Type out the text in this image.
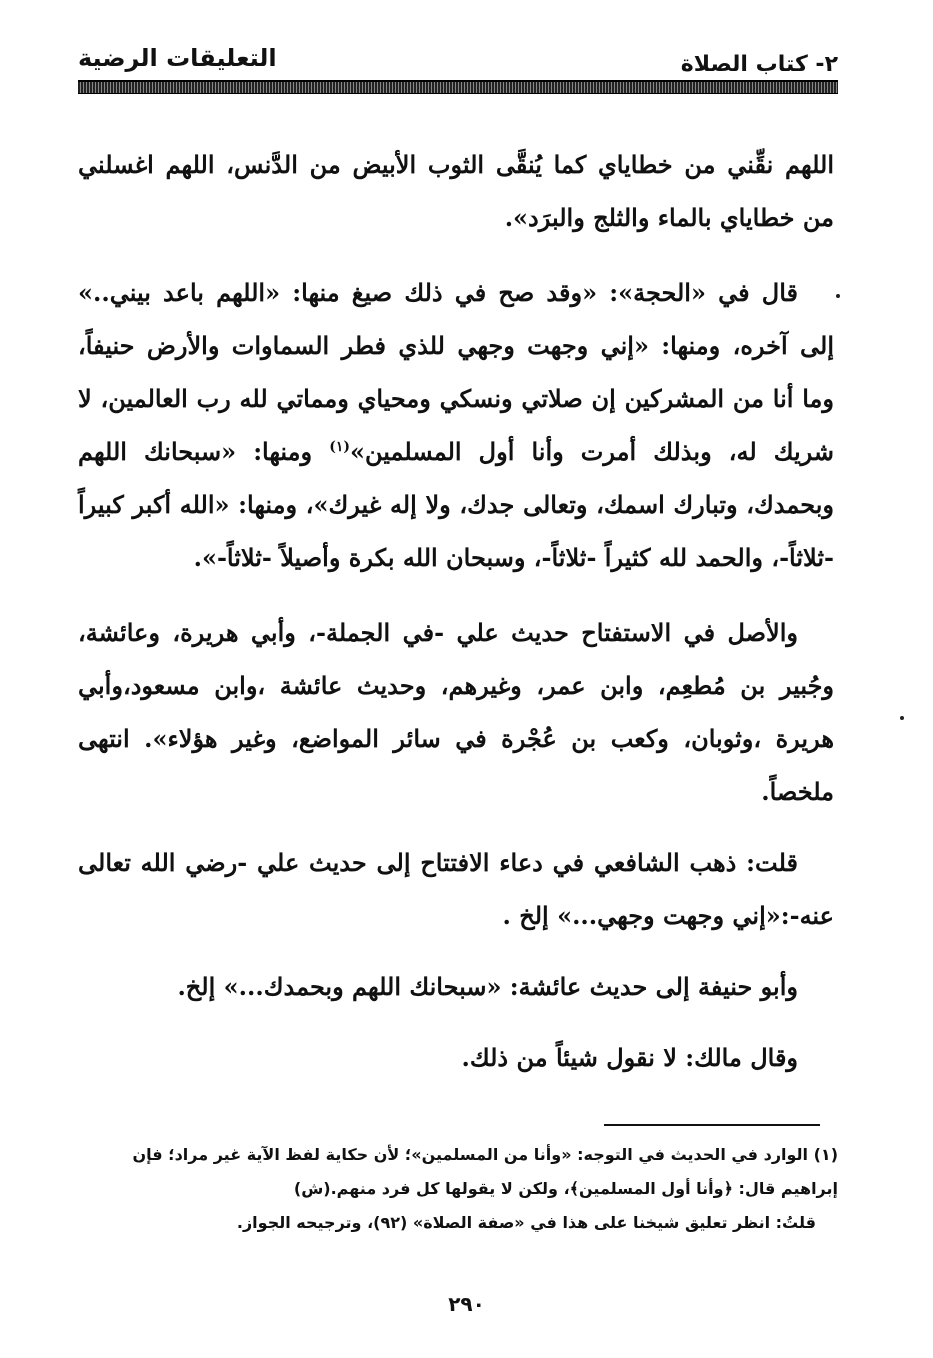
٢- كتاب الصلاة
التعليقات الرضية

اللهم نقِّني من خطاياي كما يُنقَّى الثوب الأبيض من الدَّنس، اللهم اغسلني من خطاياي بالماء والثلج والبرَد».

قال في «الحجة»: «وقد صح في ذلك صيغ منها: «اللهم باعد بيني..» إلى آخره، ومنها: «إني وجهت وجهي للذي فطر السماوات والأرض حنيفاً، وما أنا من المشركين إن صلاتي ونسكي ومحياي ومماتي لله رب العالمين، لا شريك له، وبذلك أمرت وأنا أول المسلمين»$^{(١)}$ ومنها: «سبحانك اللهم وبحمدك، وتبارك اسمك، وتعالى جدك، ولا إله غيرك»، ومنها: «الله أكبر كبيراً -ثلاثاً-، والحمد لله كثيراً -ثلاثاً-، وسبحان الله بكرة وأصيلاً -ثلاثاً-».

والأصل في الاستفتاح حديث علي -في الجملة-، وأبي هريرة، وعائشة، وجُبير بن مُطعِم، وابن عمر، وغيرهم، وحديث عائشة ،وابن مسعود،وأبي هريرة ،وثوبان، وكعب بن عُجْرة في سائر المواضع، وغير هؤلاء». انتهى ملخصاً.

قلت: ذهب الشافعي في دعاء الافتتاح إلى حديث علي -رضي الله تعالى عنه-:«إني وجهت وجهي...» إلخ .

وأبو حنيفة إلى حديث عائشة: «سبحانك اللهم وبحمدك...» إلخ.

وقال مالك: لا نقول شيئاً من ذلك.

(١) الوارد في الحديث في التوجه: «وأنا من المسلمين»؛ لأن حكاية لفظ الآية غير مراد؛ فإن

إبراهيم قال: ﴿وأنا أول المسلمين﴾، ولكن لا يقولها كل فرد منهم.(ش)

قلتُ: انظر تعليق شيخنا على هذا في «صفة الصلاة» (٩٢)، وترجيحه الجواز.

٢٩٠
